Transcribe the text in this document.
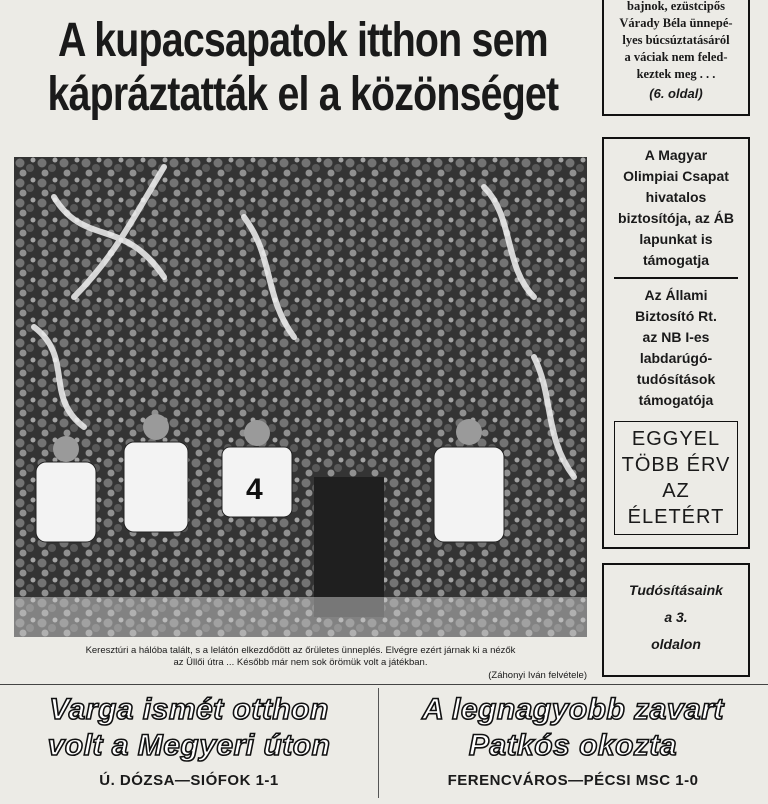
A kupacsapatok itthon sem
kápráztatták el a közönséget
4
Keresztúri a hálóba talált, s a lelátón elkezdődött az őrületes ünneplés. Elvégre ezért járnak ki a nézők
az Üllői útra ... Később már nem sok örömük volt a játékban.
(Záhonyi Iván felvétele)
bajnok, ezüstcipős
Várady Béla ünnepé-
lyes búcsúztatásáról
a váciak nem feled-
keztek meg . . .
(6. oldal)
A Magyar
Olimpiai Csapat
hivatalos
biztosítója, az ÁB
lapunkat is
támogatja
Az Állami
Biztosító Rt.
az NB I-es
labdarúgó-
tudósítások
támogatója
EGGYEL
TÖBB ÉRV
AZ ÉLETÉRT
Tudósításaink
a 3.
oldalon
Varga ismét otthon
volt a Megyeri úton
Ú. DÓZSA—SIÓFOK 1-1
A legnagyobb zavart
Patkós okozta
FERENCVÁROS—PÉCSI MSC 1-0
